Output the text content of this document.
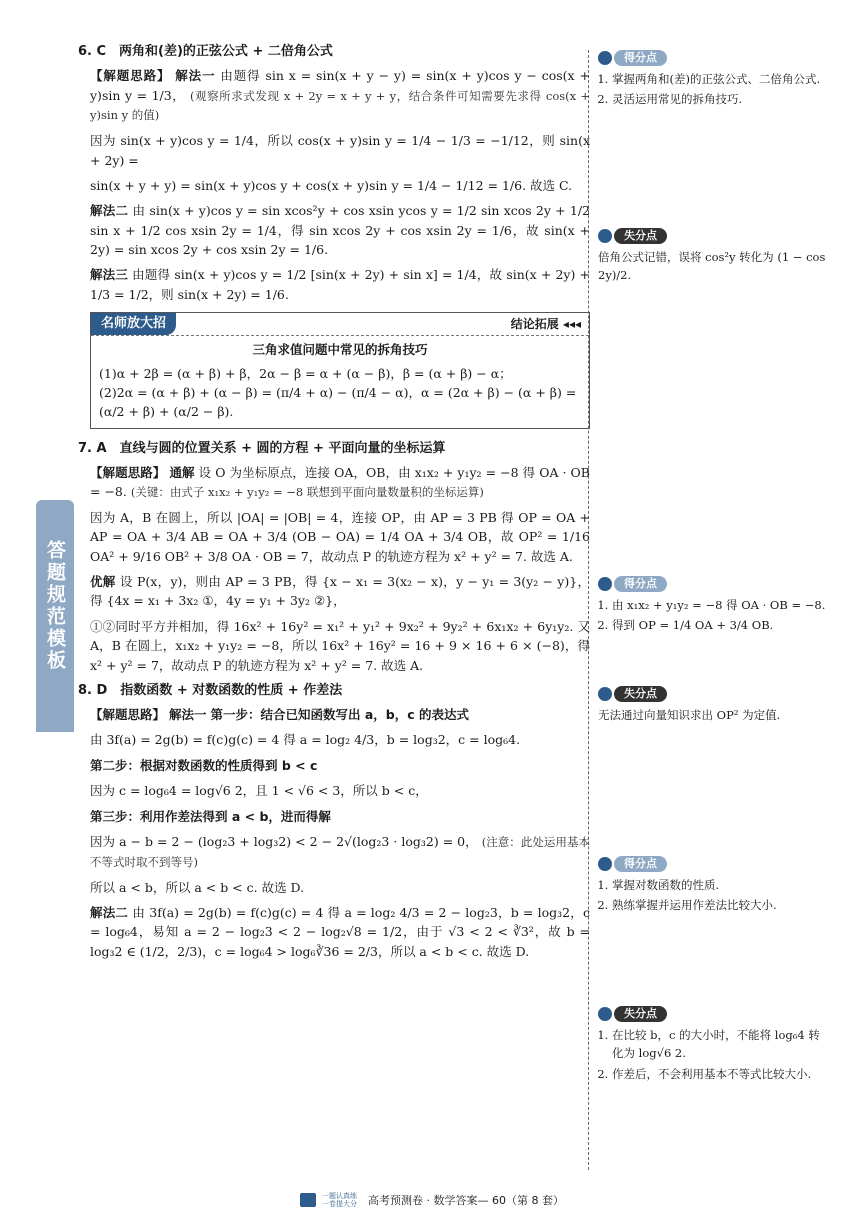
答题规范模板
6. C　两角和(差)的正弦公式 + 二倍角公式
【解题思路】 解法一 由题得 sin x = sin(x + y − y) = sin(x + y)cos y − cos(x + y)sin y = 1/3， (观察所求式发现 x + 2y = x + y + y，结合条件可知需要先求得 cos(x + y)sin y 的值)
因为 sin(x + y)cos y = 1/4，所以 cos(x + y)sin y = 1/4 − 1/3 = −1/12，则 sin(x + 2y) =
sin(x + y + y) = sin(x + y)cos y + cos(x + y)sin y = 1/4 − 1/12 = 1/6. 故选 C.
解法二 由 sin(x + y)cos y = sin xcos²y + cos xsin ycos y = 1/2 sin xcos 2y + 1/2 sin x + 1/2 cos xsin 2y = 1/4，得 sin xcos 2y + cos xsin 2y = 1/6，故 sin(x + 2y) = sin xcos 2y + cos xsin 2y = 1/6.
解法三 由题得 sin(x + y)cos y = 1/2 [sin(x + 2y) + sin x] = 1/4，故 sin(x + 2y) + 1/3 = 1/2，则 sin(x + 2y) = 1/6.
名师放大招	结论拓展 ◂◂◂
三角求值问题中常见的拆角技巧
(1)α + 2β = (α + β) + β，2α − β = α + (α − β)，β = (α + β) − α；
(2)2α = (α + β) + (α − β) = (π/4 + α) − (π/4 − α)，α = (2α + β) − (α + β) =
(α/2 + β) + (α/2 − β).
7. A　直线与圆的位置关系 + 圆的方程 + 平面向量的坐标运算
【解题思路】 通解 设 O 为坐标原点，连接 OA，OB，由 x₁x₂ + y₁y₂ = −8 得 OA · OB = −8. (关键：由式子 x₁x₂ + y₁y₂ = −8 联想到平面向量数量积的坐标运算)
因为 A，B 在圆上，所以 |OA| = |OB| = 4，连接 OP，由 AP = 3 PB 得 OP = OA + AP = OA + 3/4 AB = OA + 3/4 (OB − OA) = 1/4 OA + 3/4 OB，故 OP² = 1/16 OA² + 9/16 OB² + 3/8 OA · OB = 7，故动点 P 的轨迹方程为 x² + y² = 7. 故选 A.
优解 设 P(x，y)，则由 AP = 3 PB，得 {x − x₁ = 3(x₂ − x)，y − y₁ = 3(y₂ − y)}，得 {4x = x₁ + 3x₂ ①，4y = y₁ + 3y₂ ②}，
①②同时平方并相加，得 16x² + 16y² = x₁² + y₁² + 9x₂² + 9y₂² + 6x₁x₂ + 6y₁y₂. 又 A，B 在圆上，x₁x₂ + y₁y₂ = −8，所以 16x² + 16y² = 16 + 9 × 16 + 6 × (−8)，得 x² + y² = 7，故动点 P 的轨迹方程为 x² + y² = 7. 故选 A.
8. D　指数函数 + 对数函数的性质 + 作差法
【解题思路】 解法一 第一步：结合已知函数写出 a，b，c 的表达式
由 3f(a) = 2g(b) = f(c)g(c) = 4 得 a = log₂ 4/3，b = log₃2，c = log₆4.
第二步：根据对数函数的性质得到 b < c
因为 c = log₆4 = log√6 2，且 1 < √6 < 3，所以 b < c，
第三步：利用作差法得到 a < b，进而得解
因为 a − b = 2 − (log₂3 + log₃2) < 2 − 2√(log₂3 · log₃2) = 0， (注意：此处运用基本不等式时取不到等号)
所以 a < b，所以 a < b < c. 故选 D.
解法二 由 3f(a) = 2g(b) = f(c)g(c) = 4 得 a = log₂ 4/3 = 2 − log₂3，b = log₃2，c = log₆4，易知 a = 2 − log₂3 < 2 − log₂√8 = 1/2，由于 √3 < 2 < ∛3²，故 b = log₃2 ∈ (1/2，2/3)，c = log₆4 > log₆∛36 = 2/3，所以 a < b < c. 故选 D.
得分点
1. 掌握两角和(差)的正弦公式、二倍角公式.
2. 灵活运用常见的拆角技巧.
失分点
倍角公式记错，误将 cos²y 转化为 (1 − cos 2y)/2.
得分点
1. 由 x₁x₂ + y₁y₂ = −8 得 OA · OB = −8.
2. 得到 OP = 1/4 OA + 3/4 OB.
失分点
无法通过向量知识求出 OP² 为定值.
得分点
1. 掌握对数函数的性质.
2. 熟练掌握并运用作差法比较大小.
失分点
1. 在比较 b，c 的大小时，不能将 log₆4 转化为 log√6 2.
2. 作差后，不会利用基本不等式比较大小.
一题认真练 一卷提大分	高考预测卷 · 数学答案— 60（第 8 套）
